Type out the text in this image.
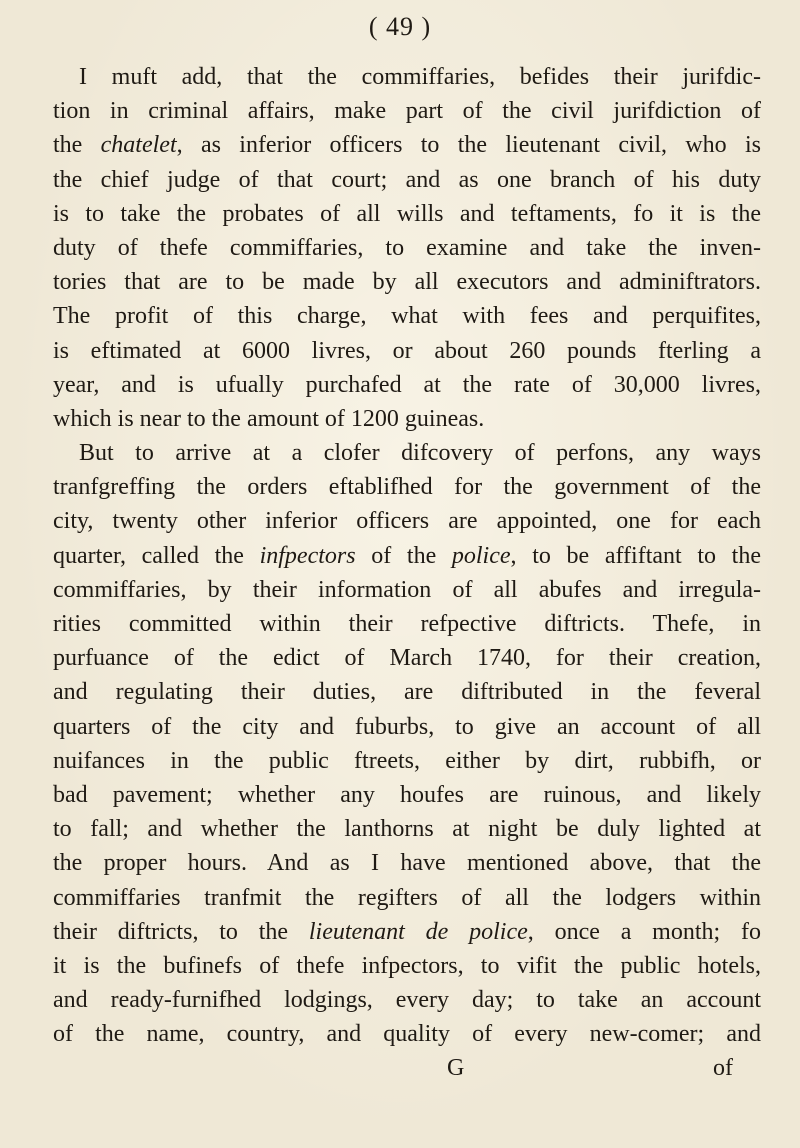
( 49 )
I muft add, that the commiffaries, befides their jurifdic-
tion in criminal affairs, make part of the civil jurifdiction of
the chatelet, as inferior officers to the lieutenant civil, who is
the chief judge of that court; and as one branch of his duty
is to take the probates of all wills and teftaments, fo it is the
duty of thefe commiffaries, to examine and take the inven-
tories that are to be made by all executors and adminiftrators.
The profit of this charge, what with fees and perquifites,
is eftimated at 6000 livres, or about 260 pounds fterling a
year, and is ufually purchafed at the rate of 30,000 livres,
which is near to the amount of 1200 guineas.
But to arrive at a clofer difcovery of perfons, any ways
tranfgreffing the orders eftablifhed for the government of the
city, twenty other inferior officers are appointed, one for each
quarter, called the infpectors of the police, to be affiftant to the
commiffaries, by their information of all abufes and irregula-
rities committed within their refpective diftricts. Thefe, in
purfuance of the edict of March 1740, for their creation,
and regulating their duties, are diftributed in the feveral
quarters of the city and fuburbs, to give an account of all
nuifances in the public ftreets, either by dirt, rubbifh, or
bad pavement; whether any houfes are ruinous, and likely
to fall; and whether the lanthorns at night be duly lighted at
the proper hours. And as I have mentioned above, that the
commiffaries tranfmit the regifters of all the lodgers within
their diftricts, to the lieutenant de police, once a month; fo
it is the bufinefs of thefe infpectors, to vifit the public hotels,
and ready-furnifhed lodgings, every day; to take an account
of the name, country, and quality of every new-comer; and
G	of
